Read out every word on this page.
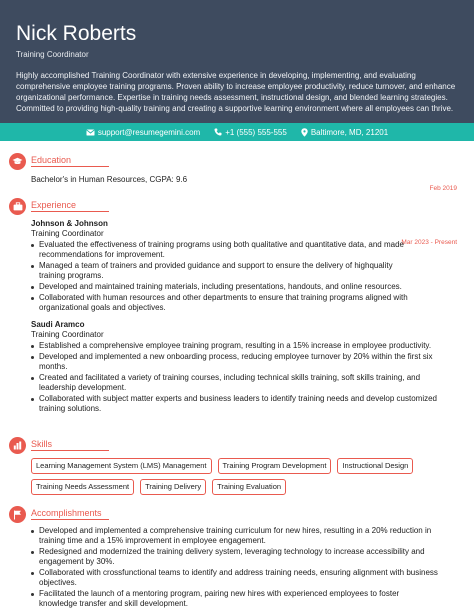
Nick Roberts
Training Coordinator
Highly accomplished Training Coordinator with extensive experience in developing, implementing, and evaluating comprehensive employee training programs. Proven ability to increase employee productivity, reduce turnover, and enhance organizational performance. Expertise in training needs assessment, instructional design, and blended learning strategies. Committed to providing high-quality training and creating a supportive learning environment where all employees can thrive.
support@resumegemini.com	+1 (555) 555-555	Baltimore, MD, 21201
Education
Bachelor's in Human Resources, CGPA: 9.6
Feb 2019
Experience
Johnson & Johnson
Training Coordinator
Mar 2023 - Present
Evaluated the effectiveness of training programs using both qualitative and quantitative data, and made recommendations for improvement.
Managed a team of trainers and provided guidance and support to ensure the delivery of highquality training programs.
Developed and maintained training materials, including presentations, handouts, and online resources.
Collaborated with human resources and other departments to ensure that training programs aligned with organizational goals and objectives.
Saudi Aramco
Training Coordinator
Established a comprehensive employee training program, resulting in a 15% increase in employee productivity.
Developed and implemented a new onboarding process, reducing employee turnover by 20% within the first six months.
Created and facilitated a variety of training courses, including technical skills training, soft skills training, and leadership development.
Collaborated with subject matter experts and business leaders to identify training needs and develop customized training solutions.
Skills
Learning Management System (LMS) Management	Training Program Development	Instructional Design
Training Needs Assessment	Training Delivery	Training Evaluation
Accomplishments
Developed and implemented a comprehensive training curriculum for new hires, resulting in a 20% reduction in training time and a 15% improvement in employee engagement.
Redesigned and modernized the training delivery system, leveraging technology to increase accessibility and engagement by 30%.
Collaborated with crossfunctional teams to identify and address training needs, ensuring alignment with business objectives.
Facilitated the launch of a mentoring program, pairing new hires with experienced employees to foster knowledge transfer and skill development.
